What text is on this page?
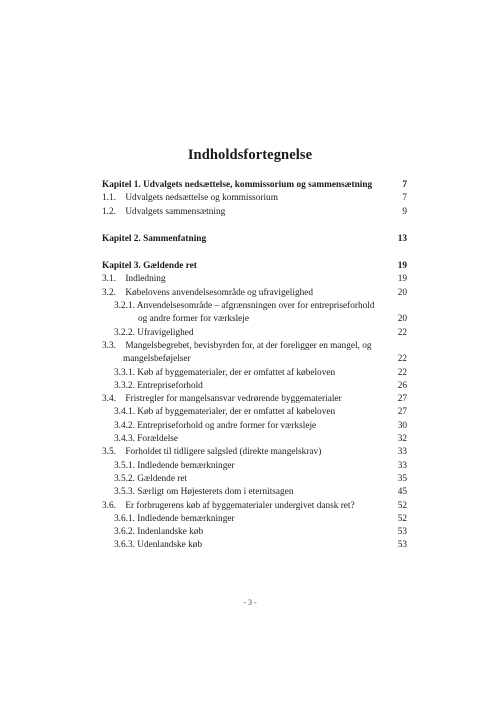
Indholdsfortegnelse
Kapitel 1. Udvalgets nedsættelse, kommissorium og sammensætning	7
1.1. Udvalgets nedsættelse og kommissorium	7
1.2. Udvalgets sammensætning	9
Kapitel 2. Sammenfatning	13
Kapitel 3. Gældende ret	19
3.1. Indledning	19
3.2. Købelovens anvendelsesområde og ufravigelighed	20
3.2.1. Anvendelsesområde – afgrænsningen over for entrepriseforhold
og andre former for værksleje	20
3.2.2. Ufravigelighed	22
3.3. Mangelsbegrebet, bevisbyrden for, at der foreligger en mangel, og
mangelsbeføjelser	22
3.3.1. Køb af byggematerialer, der er omfattet af købeloven	22
3.3.2. Entrepriseforhold	26
3.4. Fristregler for mangelsansvar vedrørende byggematerialer	27
3.4.1. Køb af byggematerialer, der er omfattet af købeloven	27
3.4.2. Entrepriseforhold og andre former for værksleje	30
3.4.3. Forældelse	32
3.5. Forholdet til tidligere salgsled (direkte mangelskrav)	33
3.5.1. Indledende bemærkninger	33
3.5.2. Gældende ret	35
3.5.3. Særligt om Højesterets dom i eternitsagen	45
3.6. Er forbrugerens køb af byggematerialer undergivet dansk ret?	52
3.6.1. Indledende bemærkninger	52
3.6.2. Indenlandske køb	53
3.6.3. Udenlandske køb	53
- 3 -
